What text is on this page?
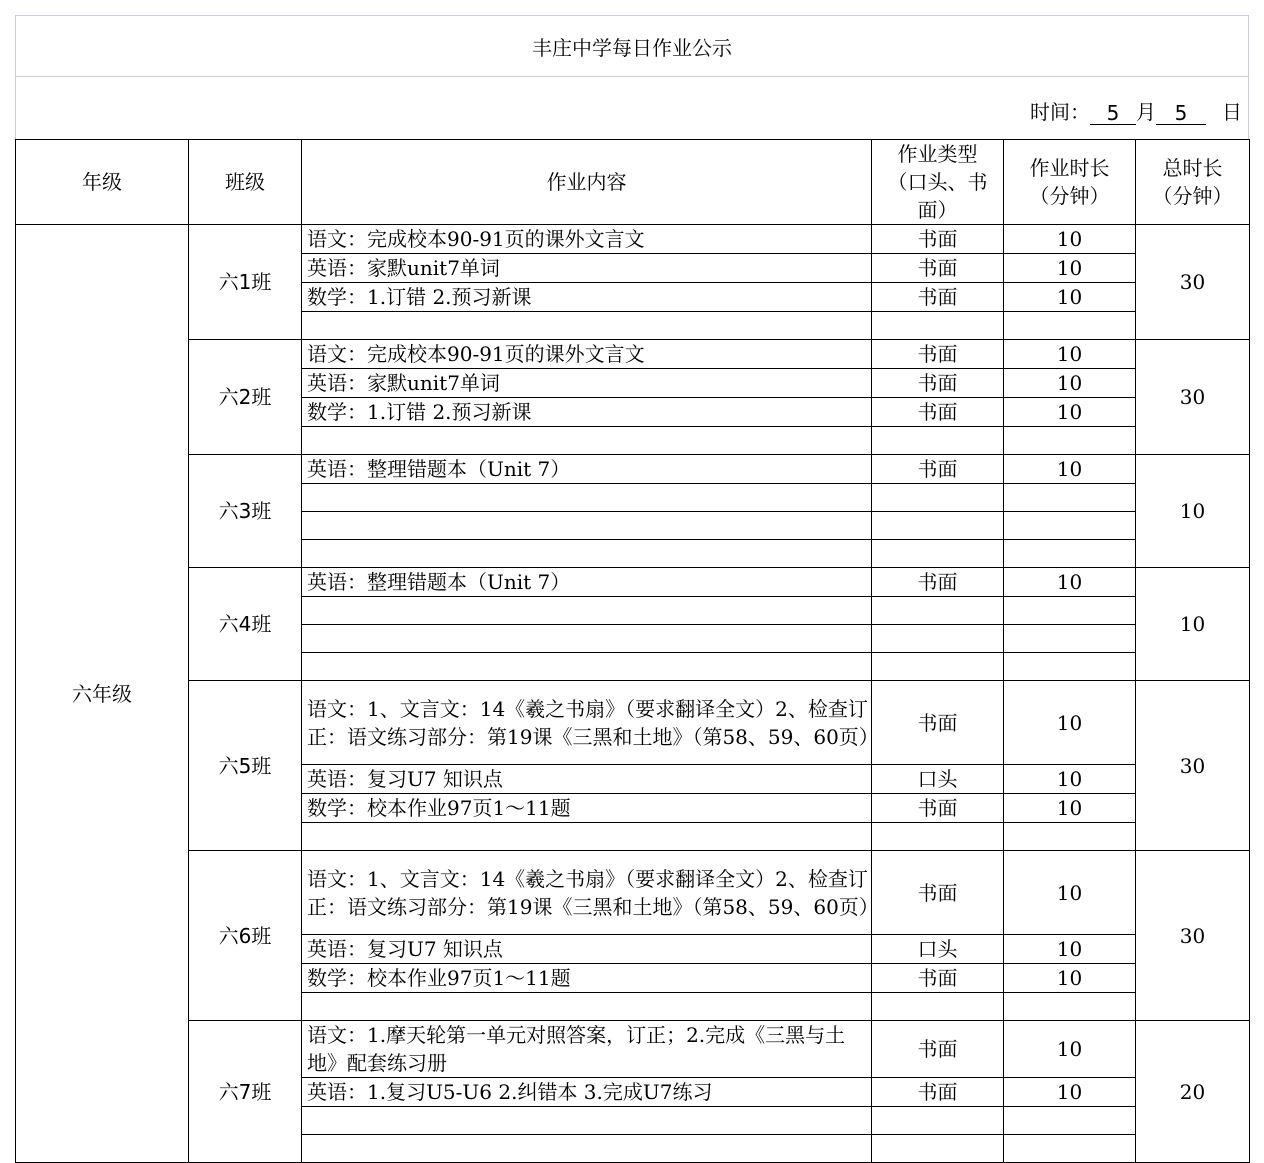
丰庄中学每日作业公示
时间： 5 月 5	日
年级	班级	作业内容	作业类型（口头、书面）	作业时长（分钟）	总时长（分钟）
六年级	六1班	语文：完成校本90-91页的课外文言文	书面	10	30
		英语：家默unit7单词	书面	10	
		数学：1.订错 2.预习新课	书面	10	

	六2班	语文：完成校本90-91页的课外文言文	书面	10	30
		英语：家默unit7单词	书面	10	
		数学：1.订错 2.预习新课	书面	10	

	六3班	英语：整理错题本（Unit 7）	书面	10	10

	六4班	英语：整理错题本（Unit 7）	书面	10	10

	六5班	语文：1、文言文：14《羲之书扇》（要求翻译全文）2、检查订正：语文练习部分：第19课《三黑和土地》（第58、59、60页）	书面	10	30
		英语：复习U7 知识点	口头	10	
		数学：校本作业97页1～11题	书面	10	

	六6班	语文：1、文言文：14《羲之书扇》（要求翻译全文）2、检查订正：语文练习部分：第19课《三黑和土地》（第58、59、60页）	书面	10	30
		英语：复习U7 知识点	口头	10	
		数学：校本作业97页1～11题	书面	10	

	六7班	语文：1.摩天轮第一单元对照答案，订正；2.完成《三黑与土地》配套练习册	书面	10	20
		英语：1.复习U5-U6 2.纠错本 3.完成U7练习	书面	10	
